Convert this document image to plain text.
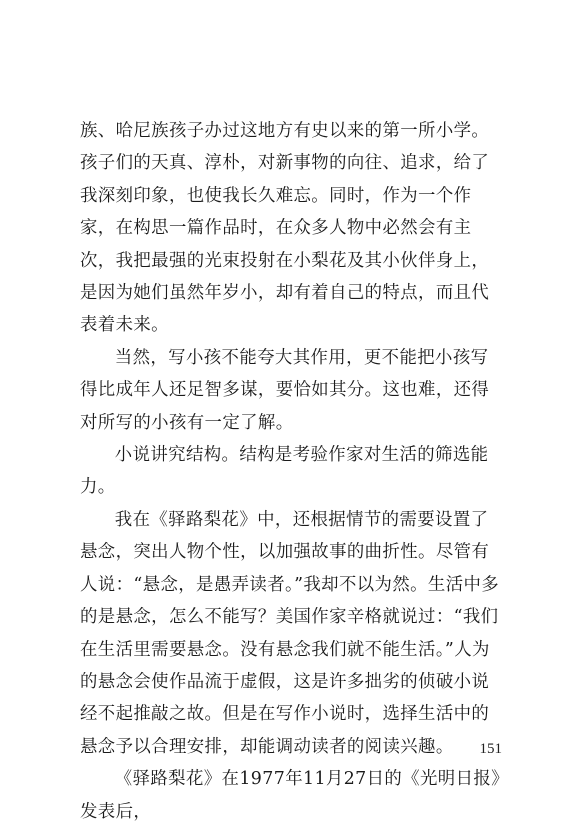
族、哈尼族孩子办过这地方有史以来的第一所小学。孩子们的天真、淳朴，对新事物的向往、追求，给了我深刻印象，也使我长久难忘。同时，作为一个作家，在构思一篇作品时，在众多人物中必然会有主次，我把最强的光束投射在小梨花及其小伙伴身上，是因为她们虽然年岁小，却有着自己的特点，而且代表着未来。

当然，写小孩不能夸大其作用，更不能把小孩写得比成年人还足智多谋，要恰如其分。这也难，还得对所写的小孩有一定了解。

小说讲究结构。结构是考验作家对生活的筛选能力。

我在《驿路梨花》中，还根据情节的需要设置了悬念，突出人物个性，以加强故事的曲折性。尽管有人说：“悬念，是愚弄读者。”我却不以为然。生活中多的是悬念，怎么不能写？美国作家辛格就说过：“我们在生活里需要悬念。没有悬念我们就不能生活。”人为的悬念会使作品流于虚假，这是许多拙劣的侦破小说经不起推敲之故。但是在写作小说时，选择生活中的悬念予以合理安排，却能调动读者的阅读兴趣。

《驿路梨花》在1977年11月27日的《光明日报》发表后，

151
